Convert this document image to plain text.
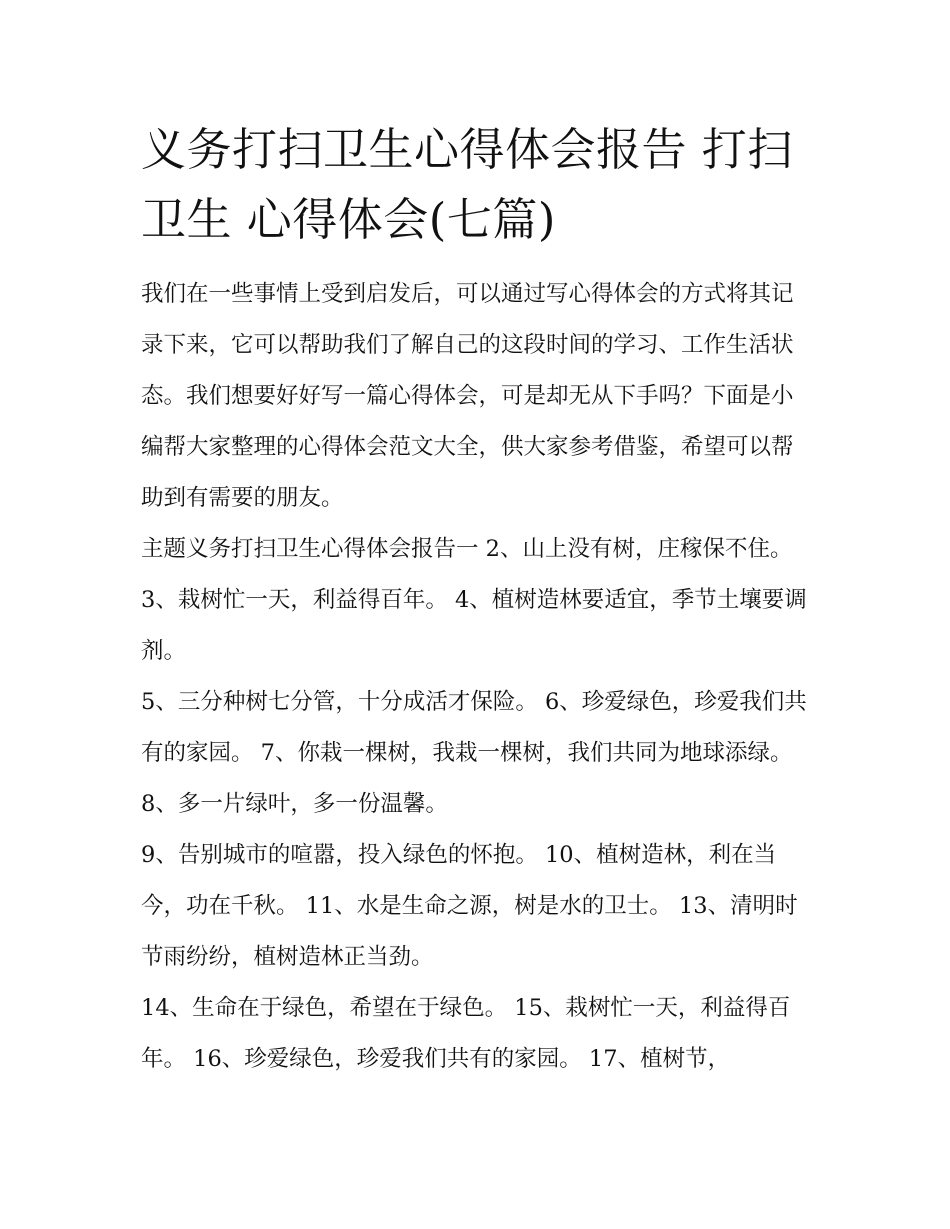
义务打扫卫生心得体会报告 打扫卫生 心得体会(七篇)

我们在一些事情上受到启发后，可以通过写心得体会的方式将其记录下来，它可以帮助我们了解自己的这段时间的学习、工作生活状态。我们想要好好写一篇心得体会，可是却无从下手吗？下面是小编帮大家整理的心得体会范文大全，供大家参考借鉴，希望可以帮助到有需要的朋友。

主题义务打扫卫生心得体会报告一 2、山上没有树，庄稼保不住。 3、栽树忙一天，利益得百年。 4、植树造林要适宜，季节土壤要调剂。

5、三分种树七分管，十分成活才保险。 6、珍爱绿色，珍爱我们共有的家园。 7、你栽一棵树，我栽一棵树，我们共同为地球添绿。 8、多一片绿叶，多一份温馨。

9、告别城市的喧嚣，投入绿色的怀抱。 10、植树造林，利在当今，功在千秋。 11、水是生命之源，树是水的卫士。 13、清明时节雨纷纷，植树造林正当劲。

14、生命在于绿色，希望在于绿色。 15、栽树忙一天，利益得百年。 16、珍爱绿色，珍爱我们共有的家园。 17、植树节，
